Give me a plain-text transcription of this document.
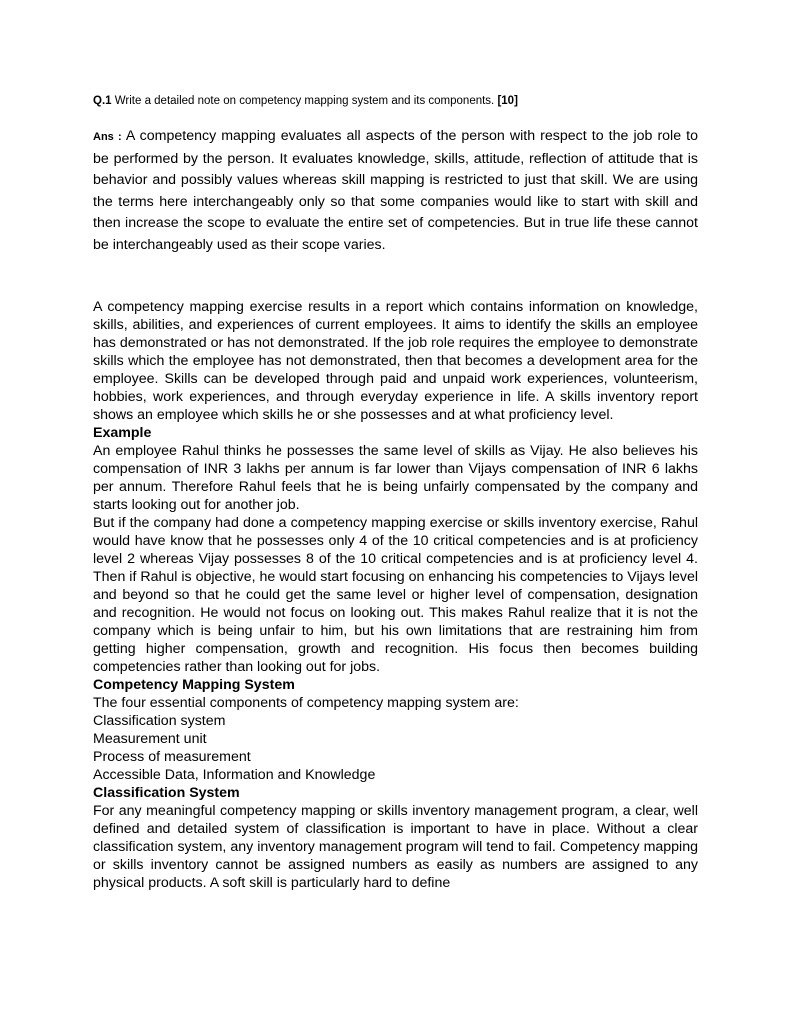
Q.1 Write a detailed note on competency mapping system and its components. [10]
Ans : A competency mapping evaluates all aspects of the person with respect to the job role to be performed by the person. It evaluates knowledge, skills, attitude, reflection of attitude that is behavior and possibly values whereas skill mapping is restricted to just that skill. We are using the terms here interchangeably only so that some companies would like to start with skill and then increase the scope to evaluate the entire set of competencies. But in true life these cannot be interchangeably used as their scope varies.

A competency mapping exercise results in a report which contains information on knowledge, skills, abilities, and experiences of current employees. It aims to identify the skills an employee has demonstrated or has not demonstrated. If the job role requires the employee to demonstrate skills which the employee has not demonstrated, then that becomes a development area for the employee. Skills can be developed through paid and unpaid work experiences, volunteerism, hobbies, work experiences, and through everyday experience in life. A skills inventory report shows an employee which skills he or she possesses and at what proficiency level.

Example

An employee Rahul thinks he possesses the same level of skills as Vijay. He also believes his compensation of INR 3 lakhs per annum is far lower than Vijays compensation of INR 6 lakhs per annum. Therefore Rahul feels that he is being unfairly compensated by the company and starts looking out for another job.

But if the company had done a competency mapping exercise or skills inventory exercise, Rahul would have know that he possesses only 4 of the 10 critical competencies and is at proficiency level 2 whereas Vijay possesses 8 of the 10 critical competencies and is at proficiency level 4. Then if Rahul is objective, he would start focusing on enhancing his competencies to Vijays level and beyond so that he could get the same level or higher level of compensation, designation and recognition. He would not focus on looking out. This makes Rahul realize that it is not the company which is being unfair to him, but his own limitations that are restraining him from getting higher compensation, growth and recognition. His focus then becomes building competencies rather than looking out for jobs.

Competency Mapping System

The four essential components of competency mapping system are:

Classification system

Measurement unit

Process of measurement

Accessible Data, Information and Knowledge

Classification System

For any meaningful competency mapping or skills inventory management program, a clear, well defined and detailed system of classification is important to have in place. Without a clear classification system, any inventory management program will tend to fail. Competency mapping or skills inventory cannot be assigned numbers as easily as numbers are assigned to any physical products. A soft skill is particularly hard to define
